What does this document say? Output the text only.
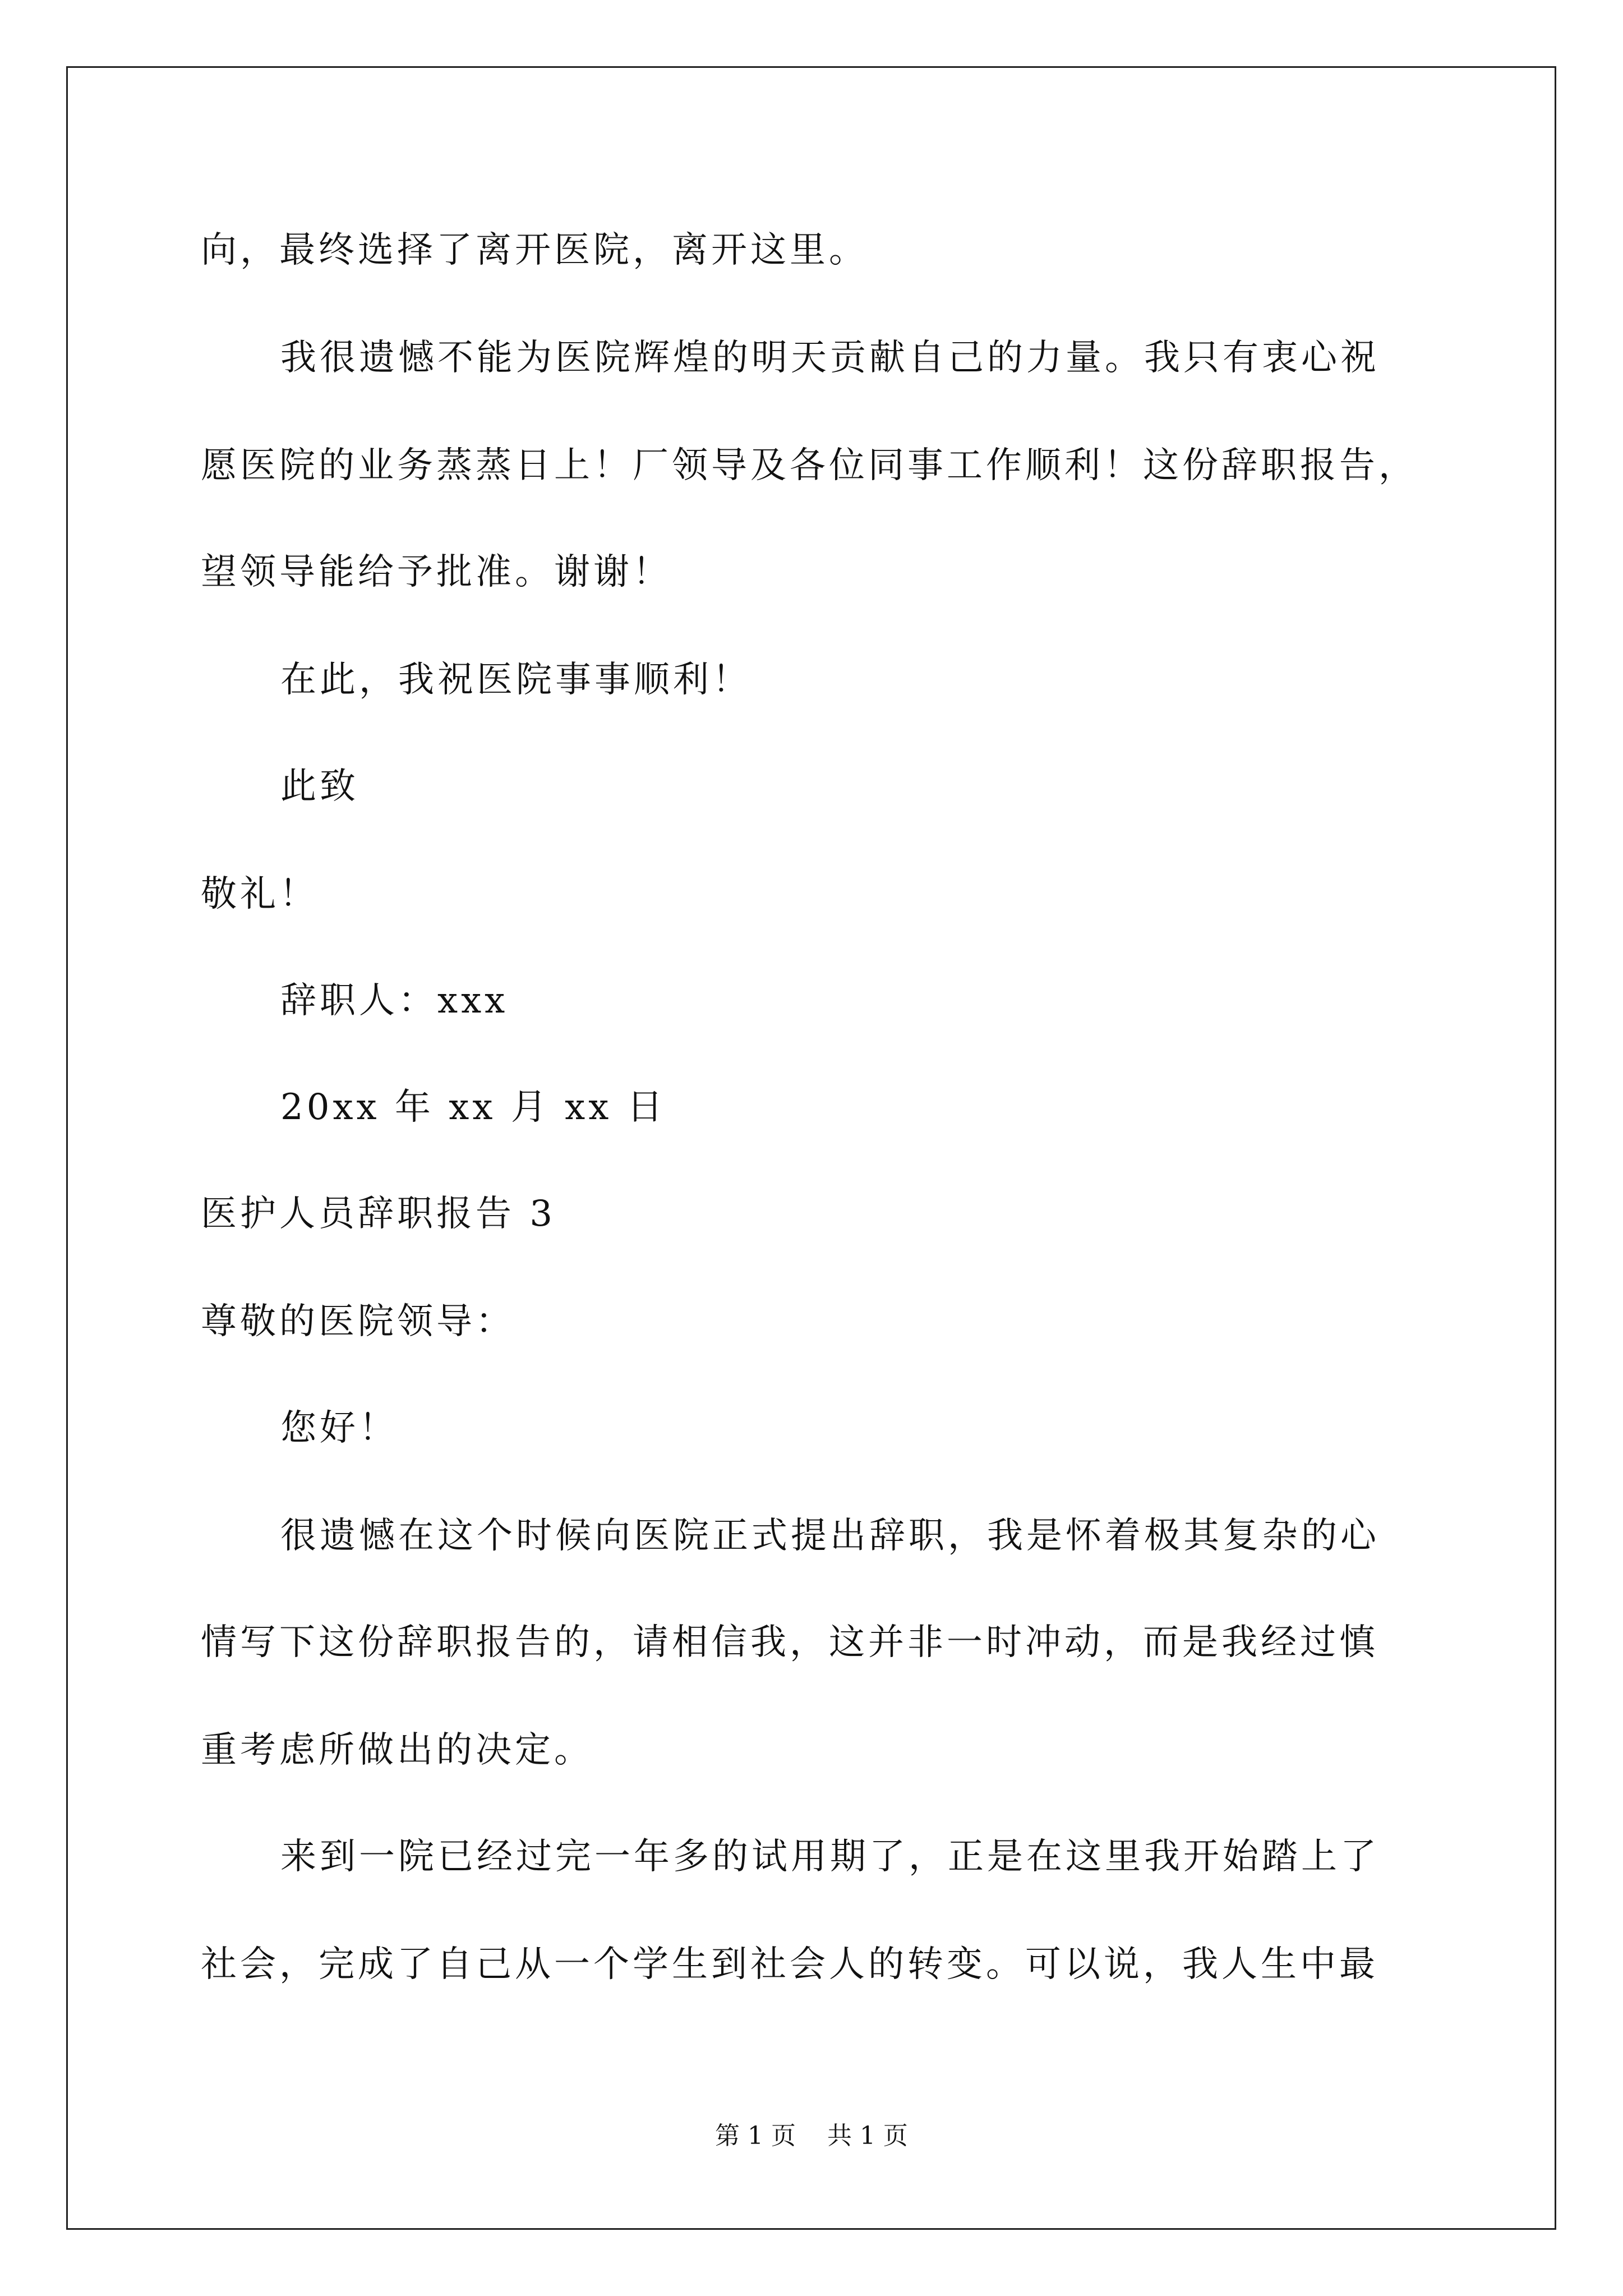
向，最终选择了离开医院，离开这里。
我很遗憾不能为医院辉煌的明天贡献自己的力量。我只有衷心祝
愿医院的业务蒸蒸日上！厂领导及各位同事工作顺利！这份辞职报告，
望领导能给予批准。谢谢！
在此，我祝医院事事顺利！
此致
敬礼！
辞职人：xxx
20xx 年 xx 月 xx 日
医护人员辞职报告 3
尊敬的医院领导：
您好！
很遗憾在这个时候向医院正式提出辞职，我是怀着极其复杂的心
情写下这份辞职报告的，请相信我，这并非一时冲动，而是我经过慎
重考虑所做出的决定。
来到一院已经过完一年多的试用期了，正是在这里我开始踏上了
社会，完成了自己从一个学生到社会人的转变。可以说，我人生中最
第 1 页    共 1 页
